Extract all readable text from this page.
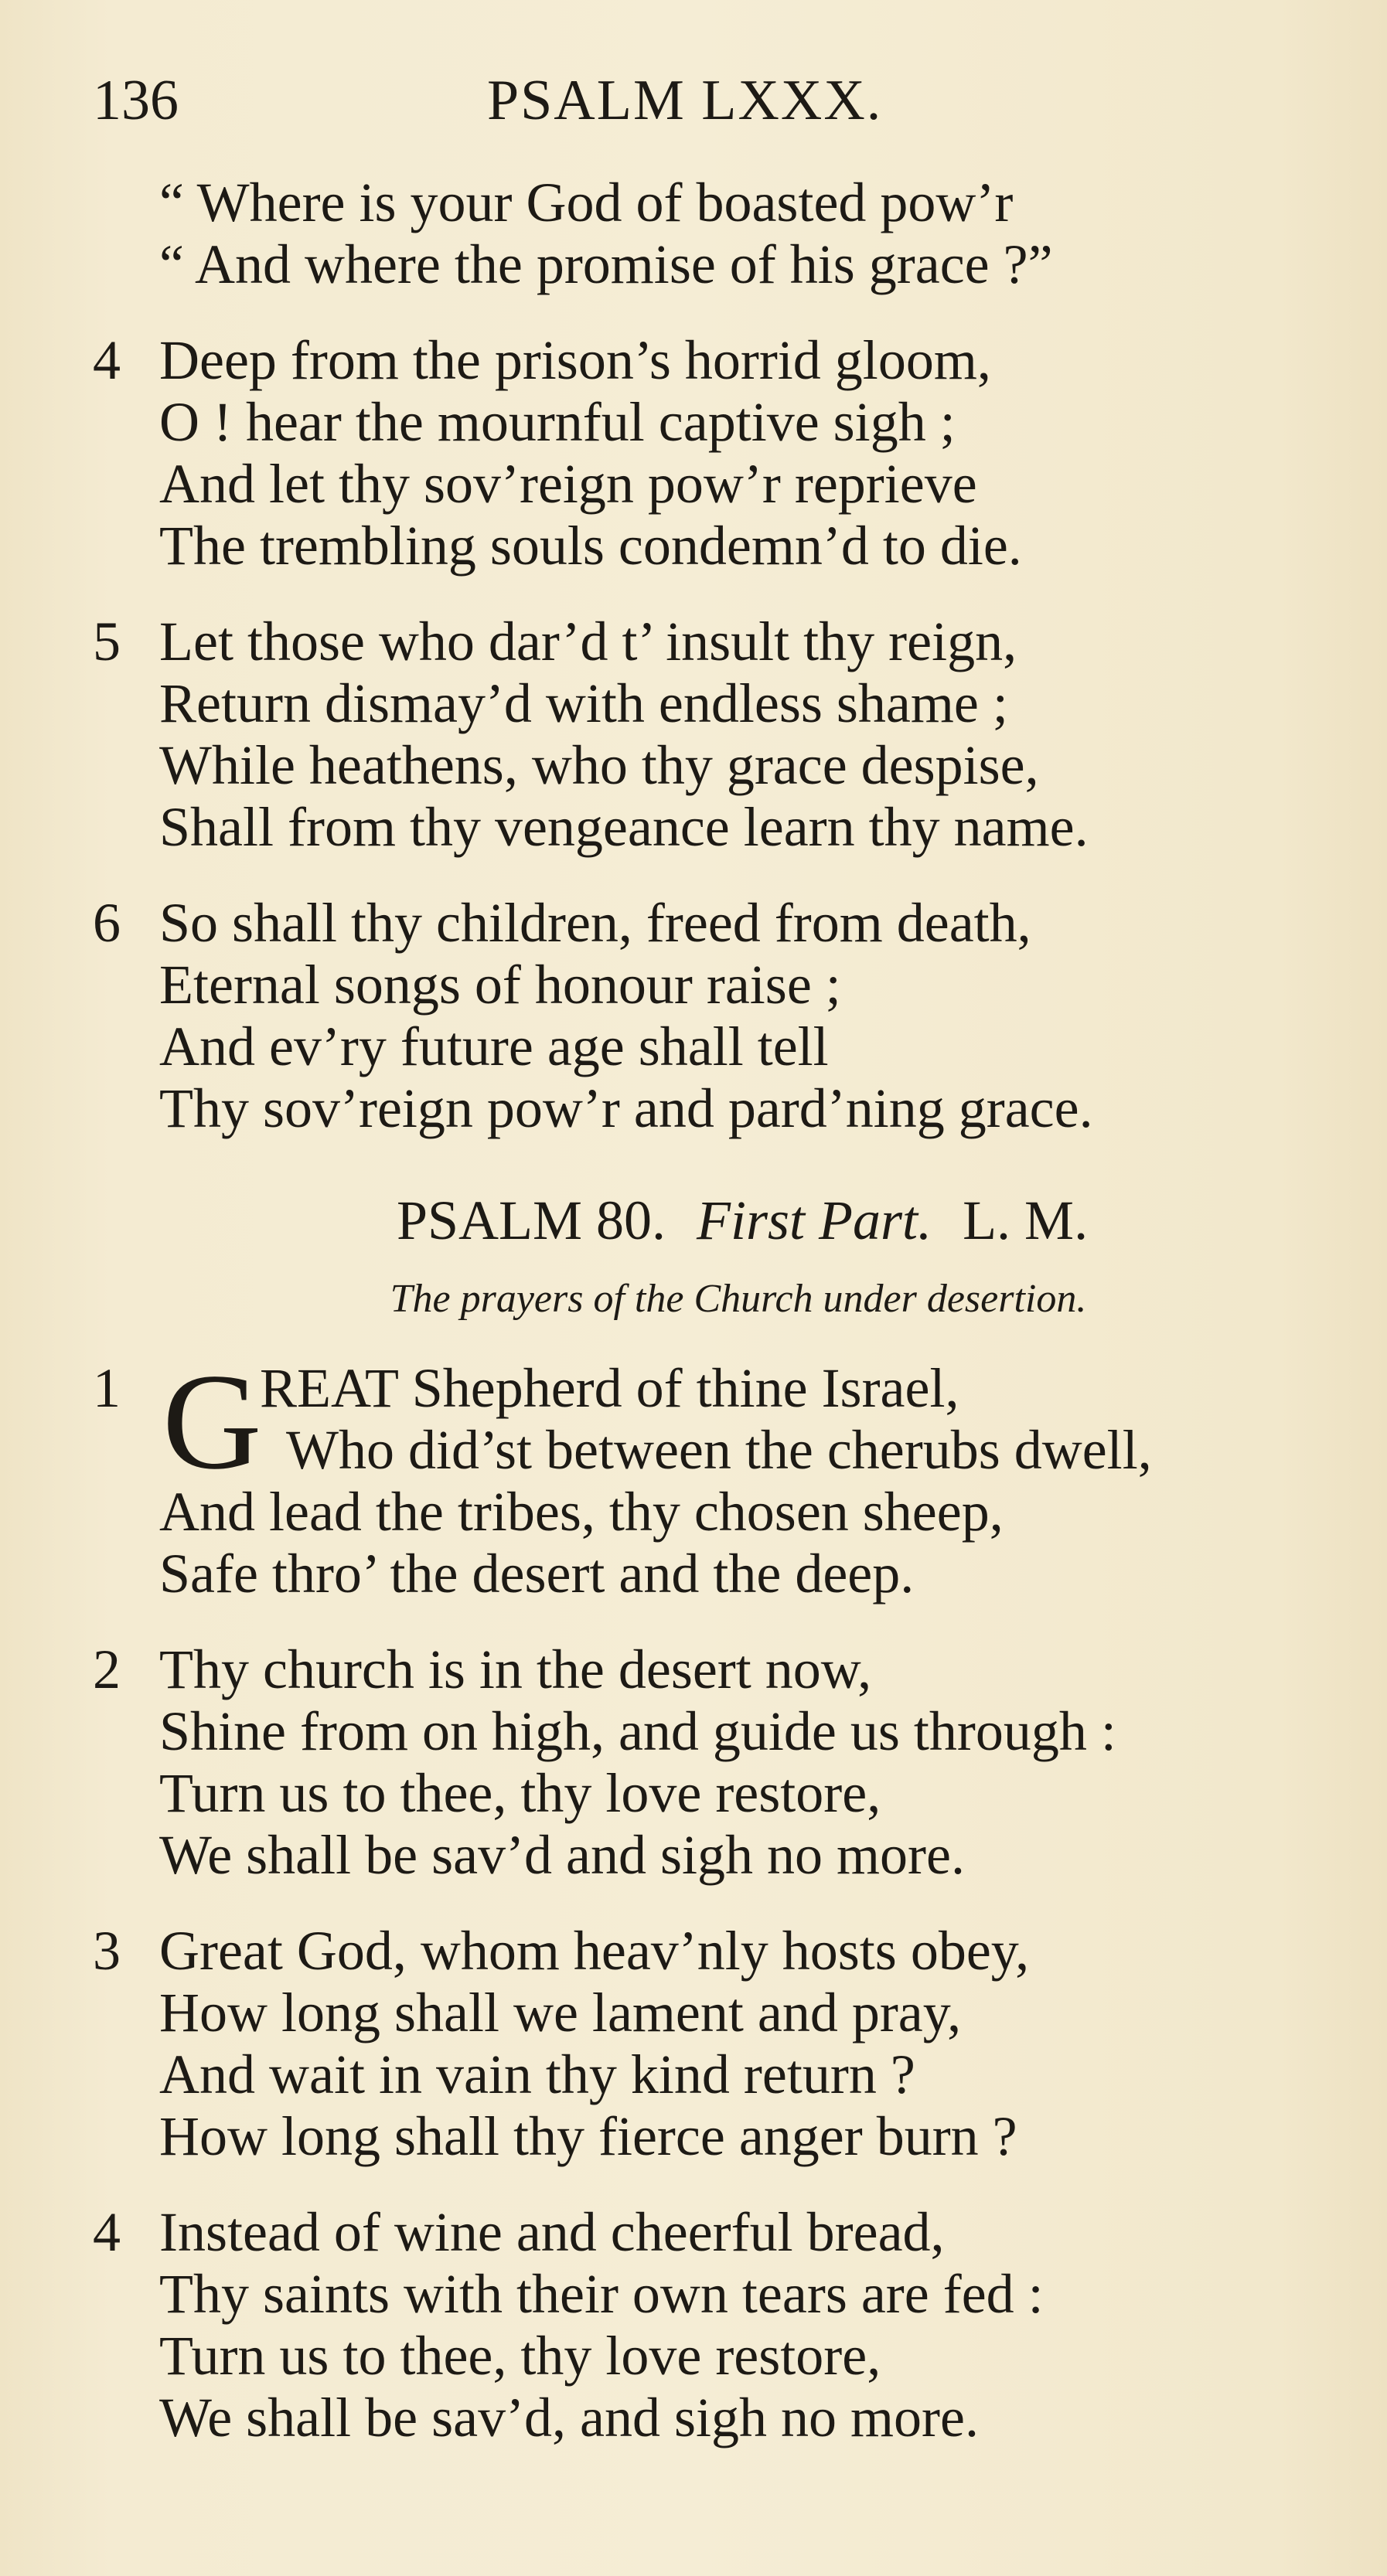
136	PSALM LXXX.
“ Where is your God of boasted pow’r
“ And where the promise of his grace ?”
4 Deep from the prison’s horrid gloom,
O ! hear the mournful captive sigh ;
And let thy sov’reign pow’r reprieve
The trembling souls condemn’d to die.
5 Let those who dar’d t’ insult thy reign,
Return dismay’d with endless shame ;
While heathens, who thy grace despise,
Shall from thy vengeance learn thy name.
6 So shall thy children, freed from death,
Eternal songs of honour raise ;
And ev’ry future age shall tell
Thy sov’reign pow’r and pard’ning grace.
PSALM 80. First Part. L. M.
The prayers of the Church under desertion.
1 G
REAT Shepherd of thine Israel,
Who did’st between the cherubs dwell,
And lead the tribes, thy chosen sheep,
Safe thro’ the desert and the deep.
2 Thy church is in the desert now,
Shine from on high, and guide us through :
Turn us to thee, thy love restore,
We shall be sav’d and sigh no more.
3 Great God, whom heav’nly hosts obey,
How long shall we lament and pray,
And wait in vain thy kind return ?
How long shall thy fierce anger burn ?
4 Instead of wine and cheerful bread,
Thy saints with their own tears are fed :
Turn us to thee, thy love restore,
We shall be sav’d, and sigh no more.
